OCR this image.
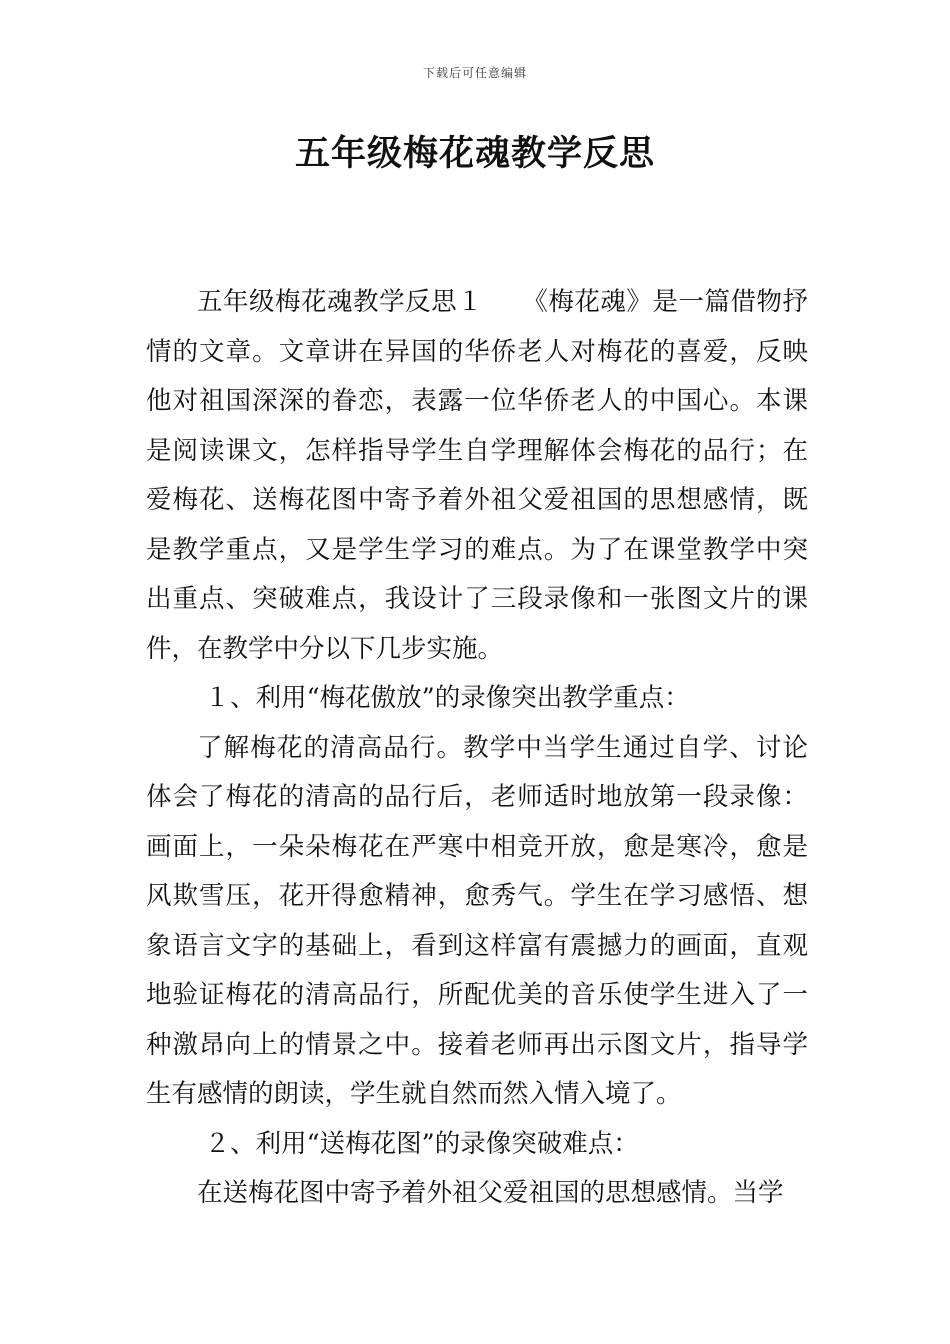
下载后可任意编辑
五年级梅花魂教学反思

五年级梅花魂教学反思１　　《梅花魂》是一篇借物抒情的文章。文章讲在异国的华侨老人对梅花的喜爱，反映他对祖国深深的眷恋，表露一位华侨老人的中国心。本课是阅读课文，怎样指导学生自学理解体会梅花的品行；在爱梅花、送梅花图中寄予着外祖父爱祖国的思想感情，既是教学重点，又是学生学习的难点。为了在课堂教学中突出重点、突破难点，我设计了三段录像和一张图文片的课件，在教学中分以下几步实施。

１、利用“梅花傲放”的录像突出教学重点：

了解梅花的清高品行。教学中当学生通过自学、讨论体会了梅花的清高的品行后，老师适时地放第一段录像：画面上，一朵朵梅花在严寒中相竞开放，愈是寒冷，愈是风欺雪压，花开得愈精神，愈秀气。学生在学习感悟、想象语言文字的基础上，看到这样富有震撼力的画面，直观地验证梅花的清高品行，所配优美的音乐使学生进入了一种激昂向上的情景之中。接着老师再出示图文片，指导学生有感情的朗读，学生就自然而然入情入境了。

２、利用“送梅花图”的录像突破难点：

在送梅花图中寄予着外祖父爱祖国的思想感情。当学
